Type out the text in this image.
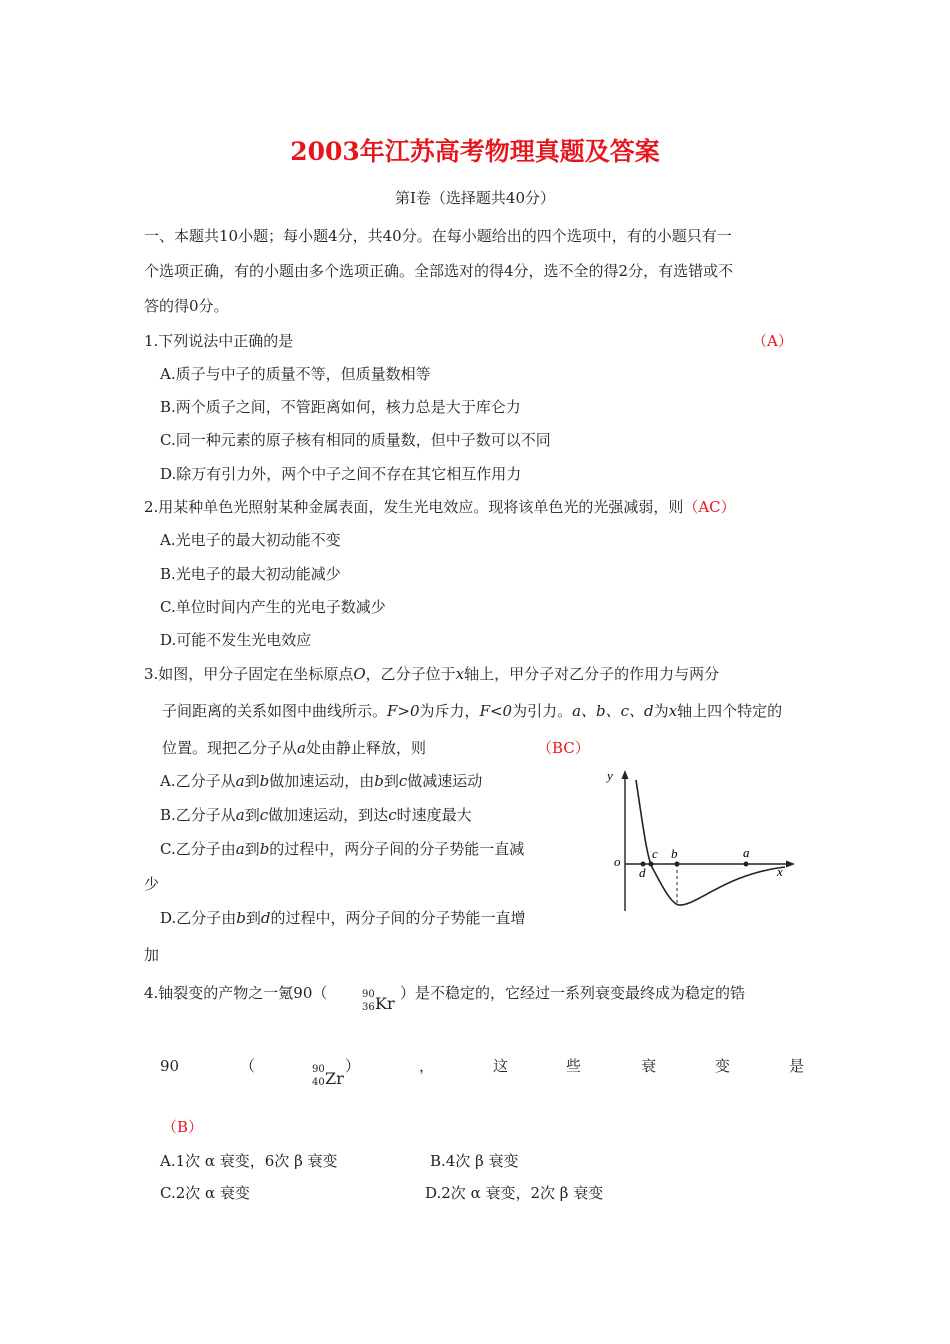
2003年江苏高考物理真题及答案
第Ⅰ卷（选择题共40分）
一、本题共10小题；每小题4分，共40分。在每小题给出的四个选项中，有的小题只有一
个选项正确，有的小题由多个选项正确。全部选对的得4分，选不全的得2分，有选错或不
答的得0分。
1.下列说法中正确的是	（A）
A.质子与中子的质量不等，但质量数相等
B.两个质子之间，不管距离如何，核力总是大于库仑力
C.同一种元素的原子核有相同的质量数，但中子数可以不同
D.除万有引力外，两个中子之间不存在其它相互作用力
2.用某种单色光照射某种金属表面，发生光电效应。现将该单色光的光强减弱，则（AC）
A.光电子的最大初动能不变
B.光电子的最大初动能减少
C.单位时间内产生的光电子数减少
D.可能不发生光电效应
3.如图，甲分子固定在坐标原点O，乙分子位于x轴上，甲分子对乙分子的作用力与两分
子间距离的关系如图中曲线所示。F>0为斥力，F<0为引力。a、b、c、d为x轴上四个特定的
位置。现把乙分子从a处由静止释放，则	（BC）
A.乙分子从a到b做加速运动，由b到c做减速运动
B.乙分子从a到c做加速运动，到达c时速度最大
C.乙分子由a到b的过程中，两分子间的分子势能一直减
少
D.乙分子由b到d的过程中，两分子间的分子势能一直增
加
y
x
o
c b	a
d
4.铀裂变的产物之一氪90（	90
36 Kr
）是不稳定的，它经过一系列衰变最终成为稳定的锆
90	（	90
40 Zr
）	，	这	些	衰	变	是
（B）
A.1次 α 衰变，6次 β 衰变	B.4次 β 衰变
C.2次 α 衰变	D.2次 α 衰变，2次 β 衰变
